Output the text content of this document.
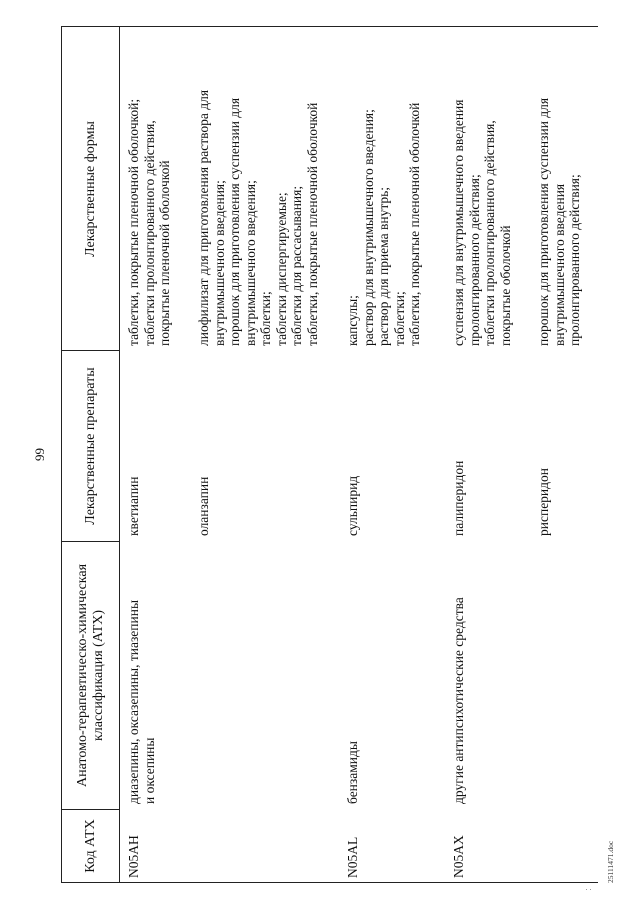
99
Код АТХ
Анатомо-терапевтическо-химическая
классификация (АТХ)
Лекарственные препараты
Лекарственные формы
N05AH
диазепины, оксазепины, тиазепины
и оксепины
кветиапин
таблетки, покрытые пленочной оболочкой;
таблетки пролонгированного действия,
покрытые пленочной оболочкой
оланзапин
лиофилизат для приготовления раствора для
внутримышечного введения;
порошок для приготовления суспензии для
внутримышечного введения;
таблетки;
таблетки диспергируемые;
таблетки для рассасывания;
таблетки, покрытые пленочной оболочкой
N05AL
бензамиды
сульпирид
капсулы;
раствор для внутримышечного введения;
раствор для приема внутрь;
таблетки;
таблетки, покрытые пленочной оболочкой
N05AX
другие антипсихотические средства
палиперидон
суспензия для внутримышечного введения
пролонгированного действия;
таблетки пролонгированного действия,
покрытые оболочкой
рисперидон
порошок для приготовления суспензии для
внутримышечного введения
пролонгированного действия;
25111471.doc
